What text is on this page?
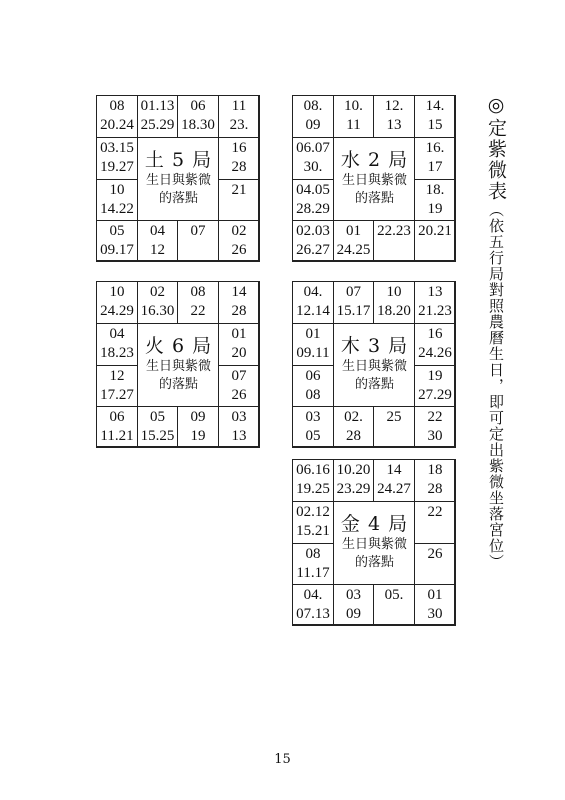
08
20.24
01.13
25.29
06
18.30
11
23.
16
28
21
02
26
07
04
12
05
09.17
10
14.22
03.15
19.27 土 5 局
生日與紫微
的落點
08.
09
10.
11
12.
13
14.
15
16.
17
18.
19
20.21
22.23
01
24.25
02.03
26.27
04.05
28.29
06.07
30. 水 2 局
生日與紫微
的落點
10
24.29
02
16.30
08
22
14
28
01
20
07
26
03
13
09
19
05
15.25
06
11.21
12
17.27
04
18.23 火 6 局
生日與紫微
的落點
04.
12.14
07
15.17
10
18.20
13
21.23
16
24.26
19
27.29
22
30
25
02.
28
03
05
06
08
01
09.11 木 3 局
生日與紫微
的落點
06.16
19.25
10.20
23.29
14
24.27
18
28
22
26
01
30
05.
03
09
04.
07.13
08
11.17
02.12
15.21 金 4 局
生日與紫微
的落點
◎定紫微表（依五行局對照農曆生日，即可定出紫微坐落宮位）
15
